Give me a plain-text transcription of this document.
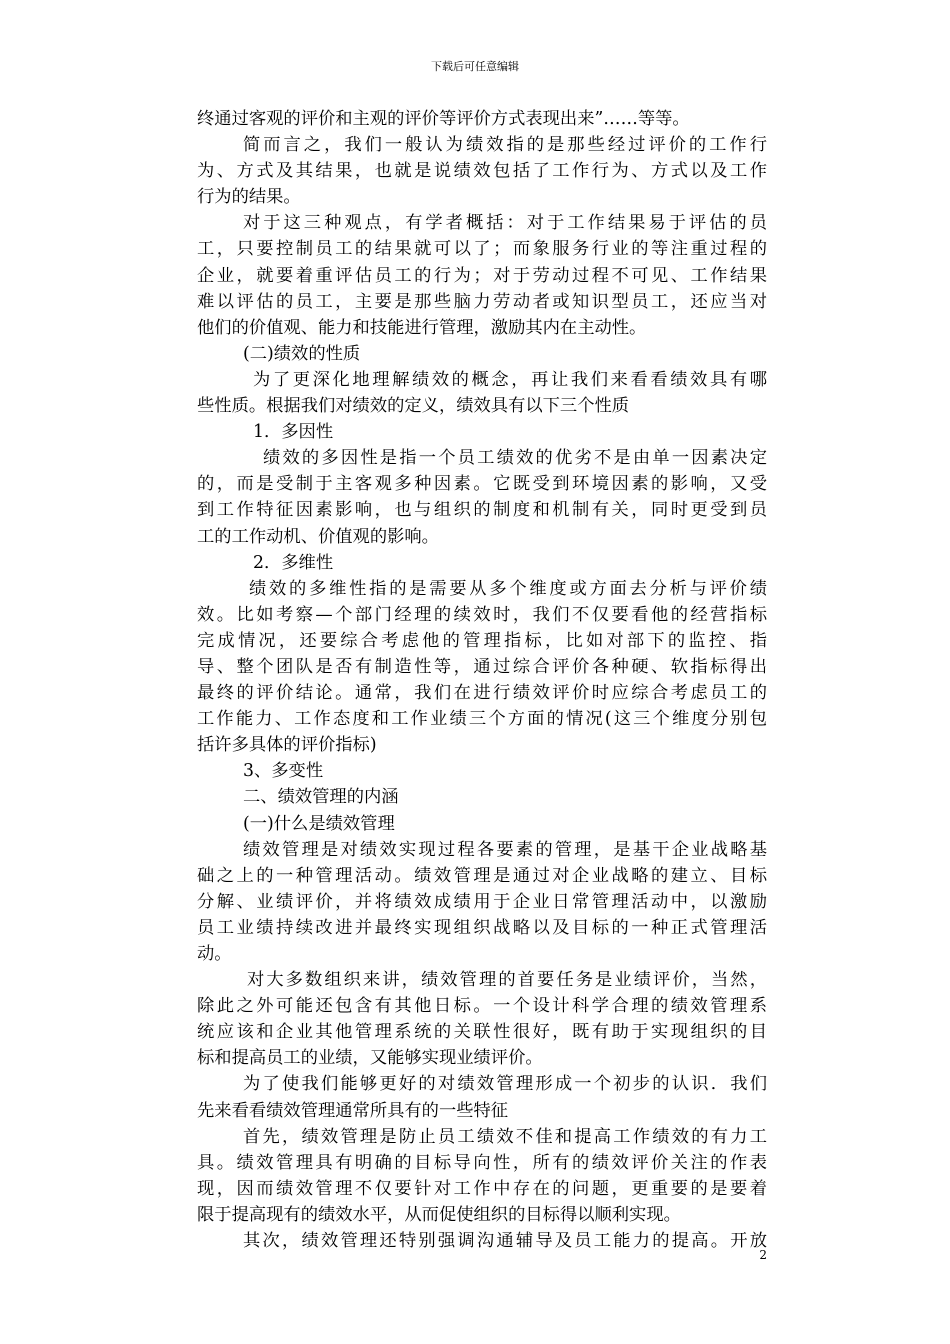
下载后可任意编辑
终通过客观的评价和主观的评价等评价方式表现出来”……等等。
简而言之，我们一般认为绩效指的是那些经过评价的工作行
为、方式及其结果，也就是说绩效包括了工作行为、方式以及工作
行为的结果。
对于这三种观点，有学者概括：对于工作结果易于评估的员
工，只要控制员工的结果就可以了；而象服务行业的等注重过程的
企业，就要着重评估员工的行为；对于劳动过程不可见、工作结果
难以评估的员工，主要是那些脑力劳动者或知识型员工，还应当对
他们的价值观、能力和技能进行管理，激励其内在主动性。
(二)绩效的性质
为了更深化地理解绩效的概念，再让我们来看看绩效具有哪
些性质。根据我们对绩效的定义，绩效具有以下三个性质
1．多因性
绩效的多因性是指一个员工绩效的优劣不是由单一因素决定
的，而是受制于主客观多种因素。它既受到环境因素的影响，又受
到工作特征因素影响，也与组织的制度和机制有关，同时更受到员
工的工作动机、价值观的影响。
2．多维性
绩效的多维性指的是需要从多个维度或方面去分析与评价绩
效。比如考察—个部门经理的续效时，我们不仅要看他的经营指标
完成情况，还要综合考虑他的管理指标，比如对部下的监控、指
导、整个团队是否有制造性等，通过综合评价各种硬、软指标得出
最终的评价结论。通常，我们在进行绩效评价时应综合考虑员工的
工作能力、工作态度和工作业绩三个方面的情况(这三个维度分别包
括许多具体的评价指标)
3、多变性
二、绩效管理的内涵
(一)什么是绩效管理
绩效管理是对绩效实现过程各要素的管理，是基干企业战略基
础之上的一种管理活动。绩效管理是通过对企业战略的建立、目标
分解、业绩评价，并将绩效成绩用于企业日常管理活动中，以激励
员工业绩持续改进并最终实现组织战略以及目标的一种正式管理活
动。
对大多数组织来讲，绩效管理的首要任务是业绩评价，当然，
除此之外可能还包含有其他日标。一个设计科学合理的绩效管理系
统应该和企业其他管理系统的关联性很好，既有助于实现组织的目
标和提高员工的业绩，又能够实现业绩评价。
为了使我们能够更好的对绩效管理形成一个初步的认识．我们
先来看看绩效管理通常所具有的一些特征
首先，绩效管理是防止员工绩效不佳和提高工作绩效的有力工
具。绩效管理具有明确的目标导向性，所有的绩效评价关注的作表
现，因而绩效管理不仅要针对工作中存在的问题，更重要的是要着
限于提高现有的绩效水平，从而促使组织的目标得以顺利实现。
其次，绩效管理还特别强调沟通辅导及员工能力的提高。开放
2
